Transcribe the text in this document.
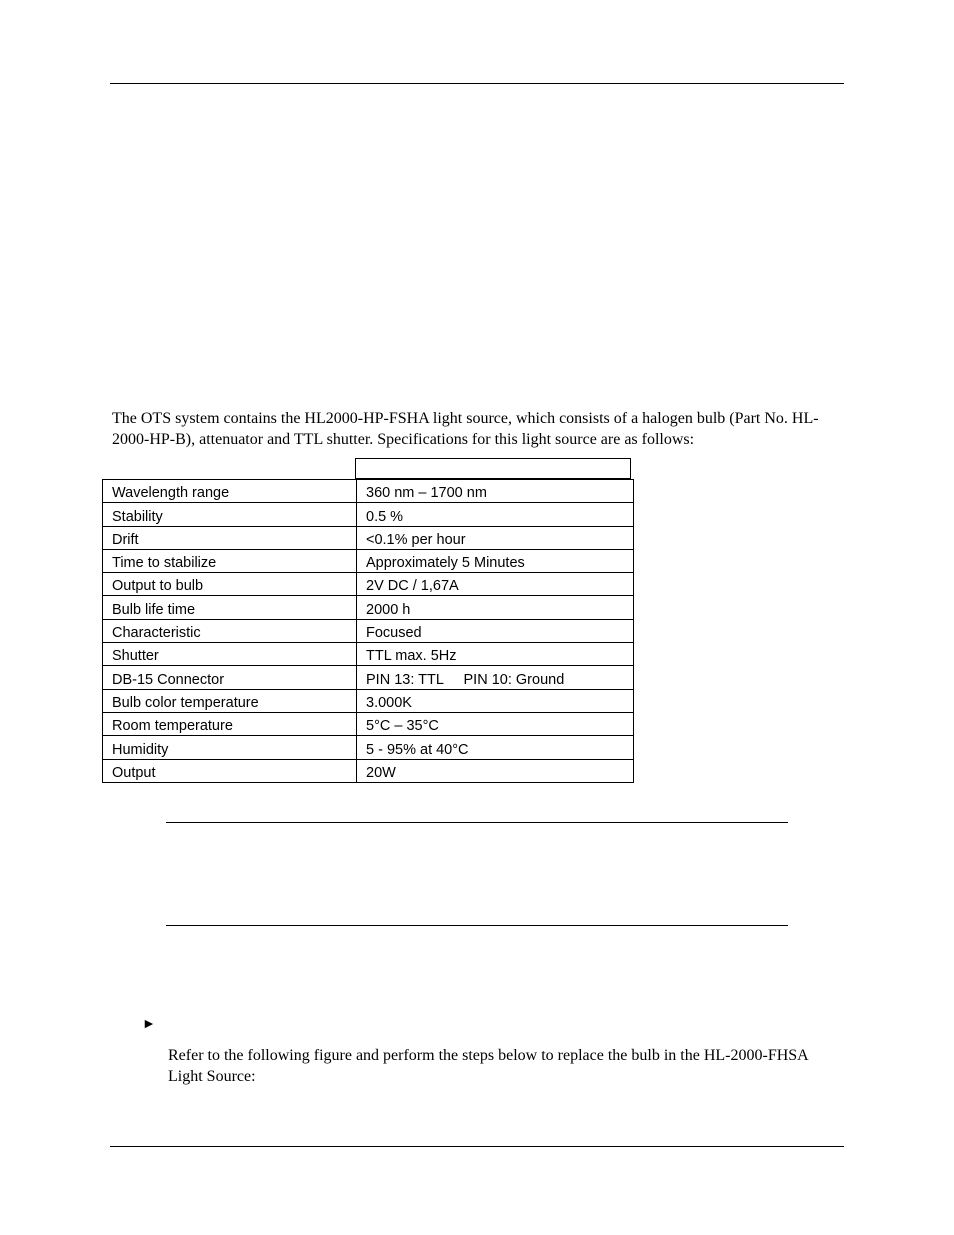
The OTS system contains the HL2000-HP-FSHA light source, which consists of a halogen bulb (Part No. HL-2000-HP-B), attenuator and TTL shutter. Specifications for this light source are as follows:

Wavelength range	360 nm – 1700 nm
Stability	0.5 %
Drift	<0.1% per hour
Time to stabilize	Approximately 5 Minutes
Output to bulb	2V DC / 1,67A
Bulb life time	2000 h
Characteristic	Focused
Shutter	TTL max. 5Hz
DB-15 Connector	PIN 13: TTL     PIN 10: Ground
Bulb color temperature	3.000K
Room temperature	5°C – 35°C
Humidity	5 - 95% at 40°C
Output	20W
►

Refer to the following figure and perform the steps below to replace the bulb in the HL-2000-FHSA Light Source:
